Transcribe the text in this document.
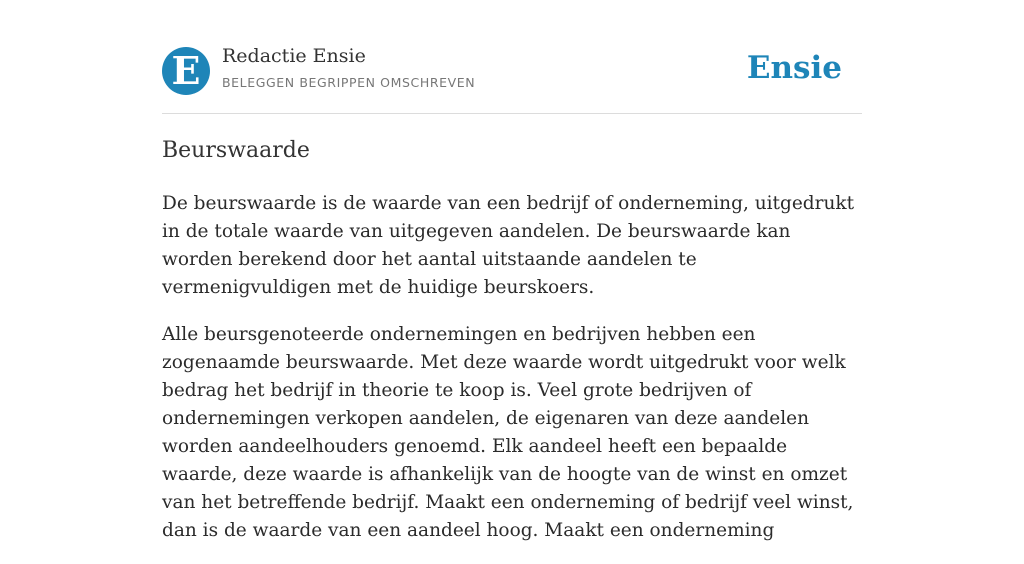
E	Redactie Ensie
BELEGGEN BEGRIPPEN OMSCHREVEN	Ensie
Beurswaarde

De beurswaarde is de waarde van een bedrijf of onderneming, uitgedrukt in de totale waarde van uitgegeven aandelen. De beurswaarde kan worden berekend door het aantal uitstaande aandelen te vermenigvuldigen met de huidige beurskoers.

Alle beursgenoteerde ondernemingen en bedrijven hebben een zogenaamde beurswaarde. Met deze waarde wordt uitgedrukt voor welk bedrag het bedrijf in theorie te koop is. Veel grote bedrijven of ondernemingen verkopen aandelen, de eigenaren van deze aandelen worden aandeelhouders genoemd. Elk aandeel heeft een bepaalde waarde, deze waarde is afhankelijk van de hoogte van de winst en omzet van het betreffende bedrijf. Maakt een onderneming of bedrijf veel winst, dan is de waarde van een aandeel hoog. Maakt een onderneming
